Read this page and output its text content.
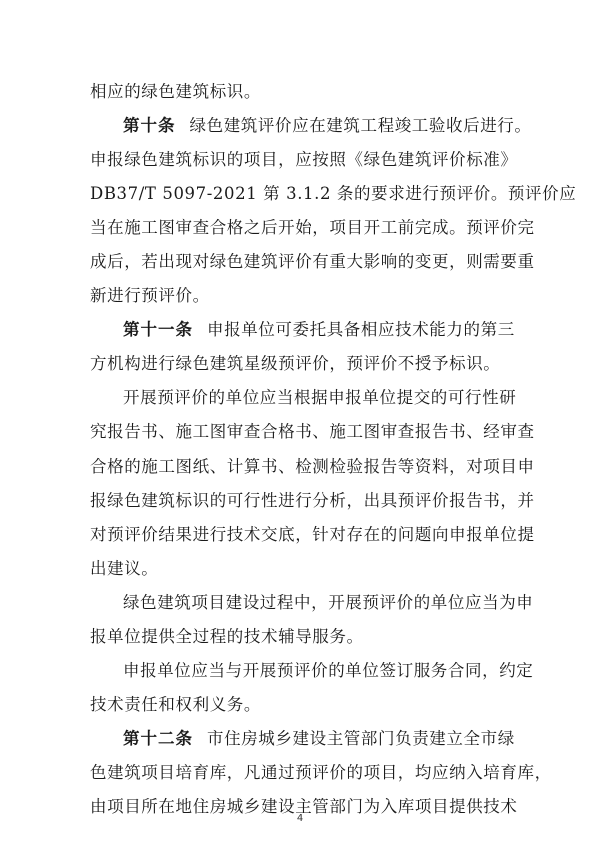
相应的绿色建筑标识。
第十条 绿色建筑评价应在建筑工程竣工验收后进行。
申报绿色建筑标识的项目，应按照《绿色建筑评价标准》
DB37/T 5097-2021 第 3.1.2 条的要求进行预评价。预评价应
当在施工图审查合格之后开始，项目开工前完成。预评价完
成后，若出现对绿色建筑评价有重大影响的变更，则需要重
新进行预评价。
第十一条 申报单位可委托具备相应技术能力的第三
方机构进行绿色建筑星级预评价，预评价不授予标识。
开展预评价的单位应当根据申报单位提交的可行性研
究报告书、施工图审查合格书、施工图审查报告书、经审查
合格的施工图纸、计算书、检测检验报告等资料，对项目申
报绿色建筑标识的可行性进行分析，出具预评价报告书，并
对预评价结果进行技术交底，针对存在的问题向申报单位提
出建议。
绿色建筑项目建设过程中，开展预评价的单位应当为申
报单位提供全过程的技术辅导服务。
申报单位应当与开展预评价的单位签订服务合同，约定
技术责任和权利义务。
第十二条 市住房城乡建设主管部门负责建立全市绿
色建筑项目培育库，凡通过预评价的项目，均应纳入培育库，
由项目所在地住房城乡建设主管部门为入库项目提供技术
4
